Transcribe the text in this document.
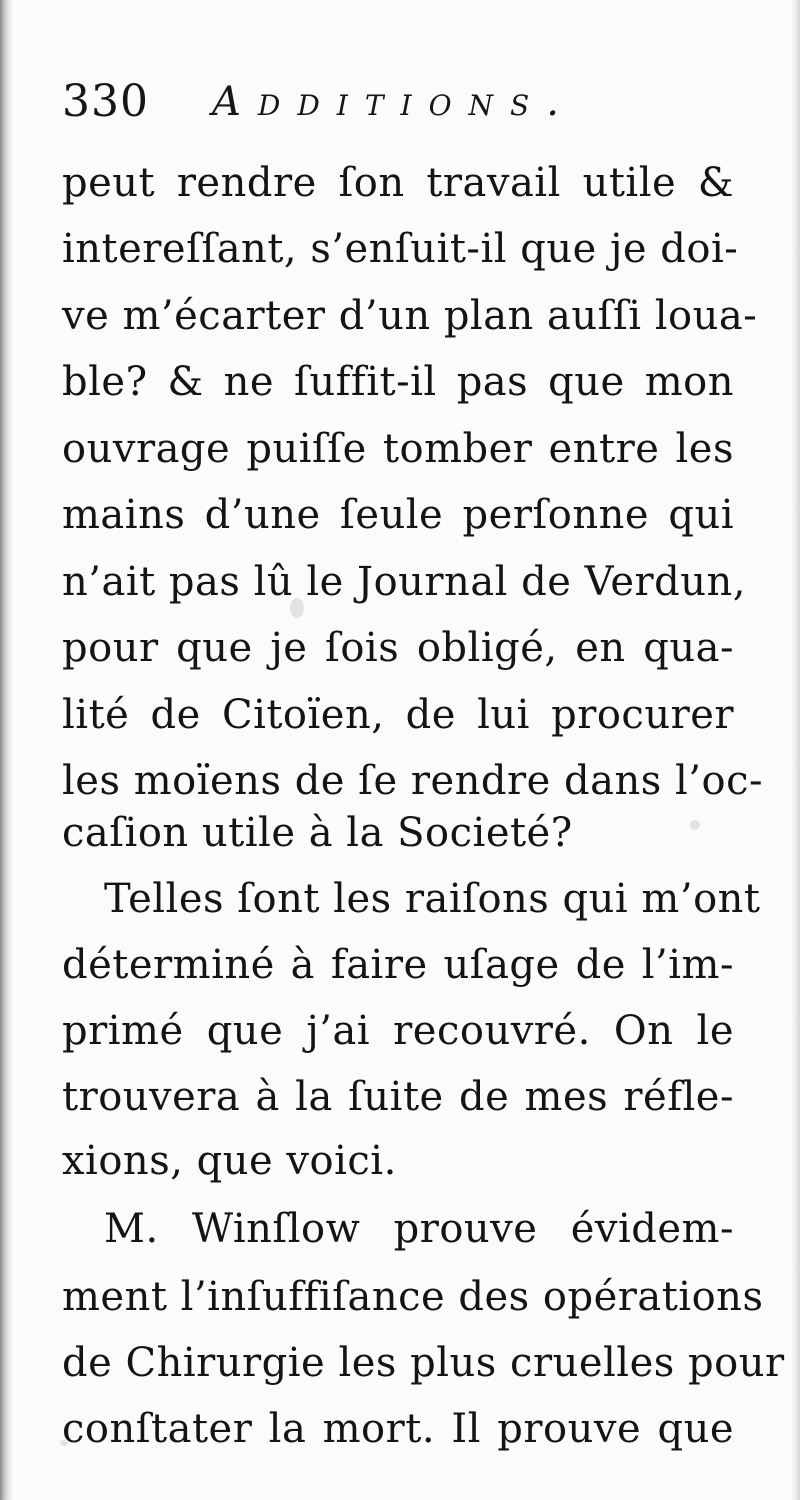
330 Additions.
peut rendre ſon travail utile &
intereſſant, s’enſuit-il que je doi-
ve m’écarter d’un plan auſſi loua-
ble? & ne ſuffit-il pas que mon
ouvrage puiſſe tomber entre les
mains d’une ſeule perſonne qui
n’ait pas lû le Journal de Verdun,
pour que je ſois obligé, en qua-
lité de Citoïen, de lui procurer
les moïens de ſe rendre dans l’oc-
caſion utile à la Societé?
Telles ſont les raiſons qui m’ont
déterminé à faire uſage de l’im-
primé que j’ai recouvré. On le
trouvera à la ſuite de mes réfle-
xions, que voici.
M. Winſlow prouve évidem-
ment l’inſuffiſance des opérations
de Chirurgie les plus cruelles pour
conſtater la mort. Il prouve que
